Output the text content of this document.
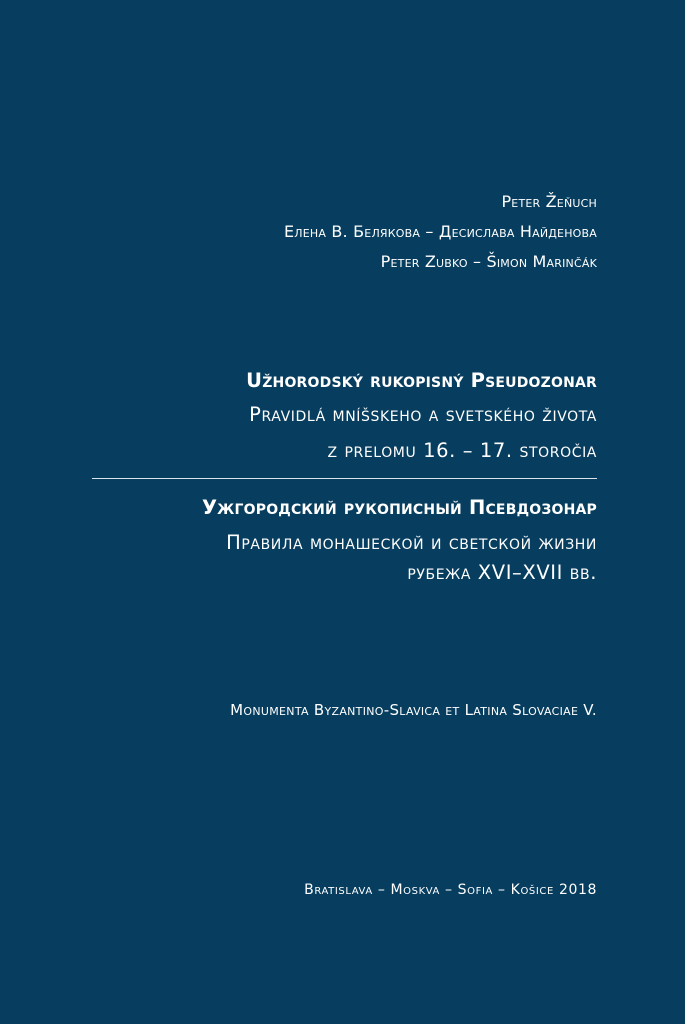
Peter Žeňuch
Елена В. Белякова – Десислава Найденова
Peter Zubko – Šimon Marinčák
Užhorodský rukopisný Pseudozonar
Pravidlá mníšskeho a svetského života
z prelomu 16. – 17. storočia
Ужгородский рукописный Псевдозонар
Правила монашеской и светской жизни
рубежа XVI–XVII вв.
Monumenta Byzantino-Slavica et Latina Slovaciae V.
Bratislava – Moskva – Sofia – Košice 2018
